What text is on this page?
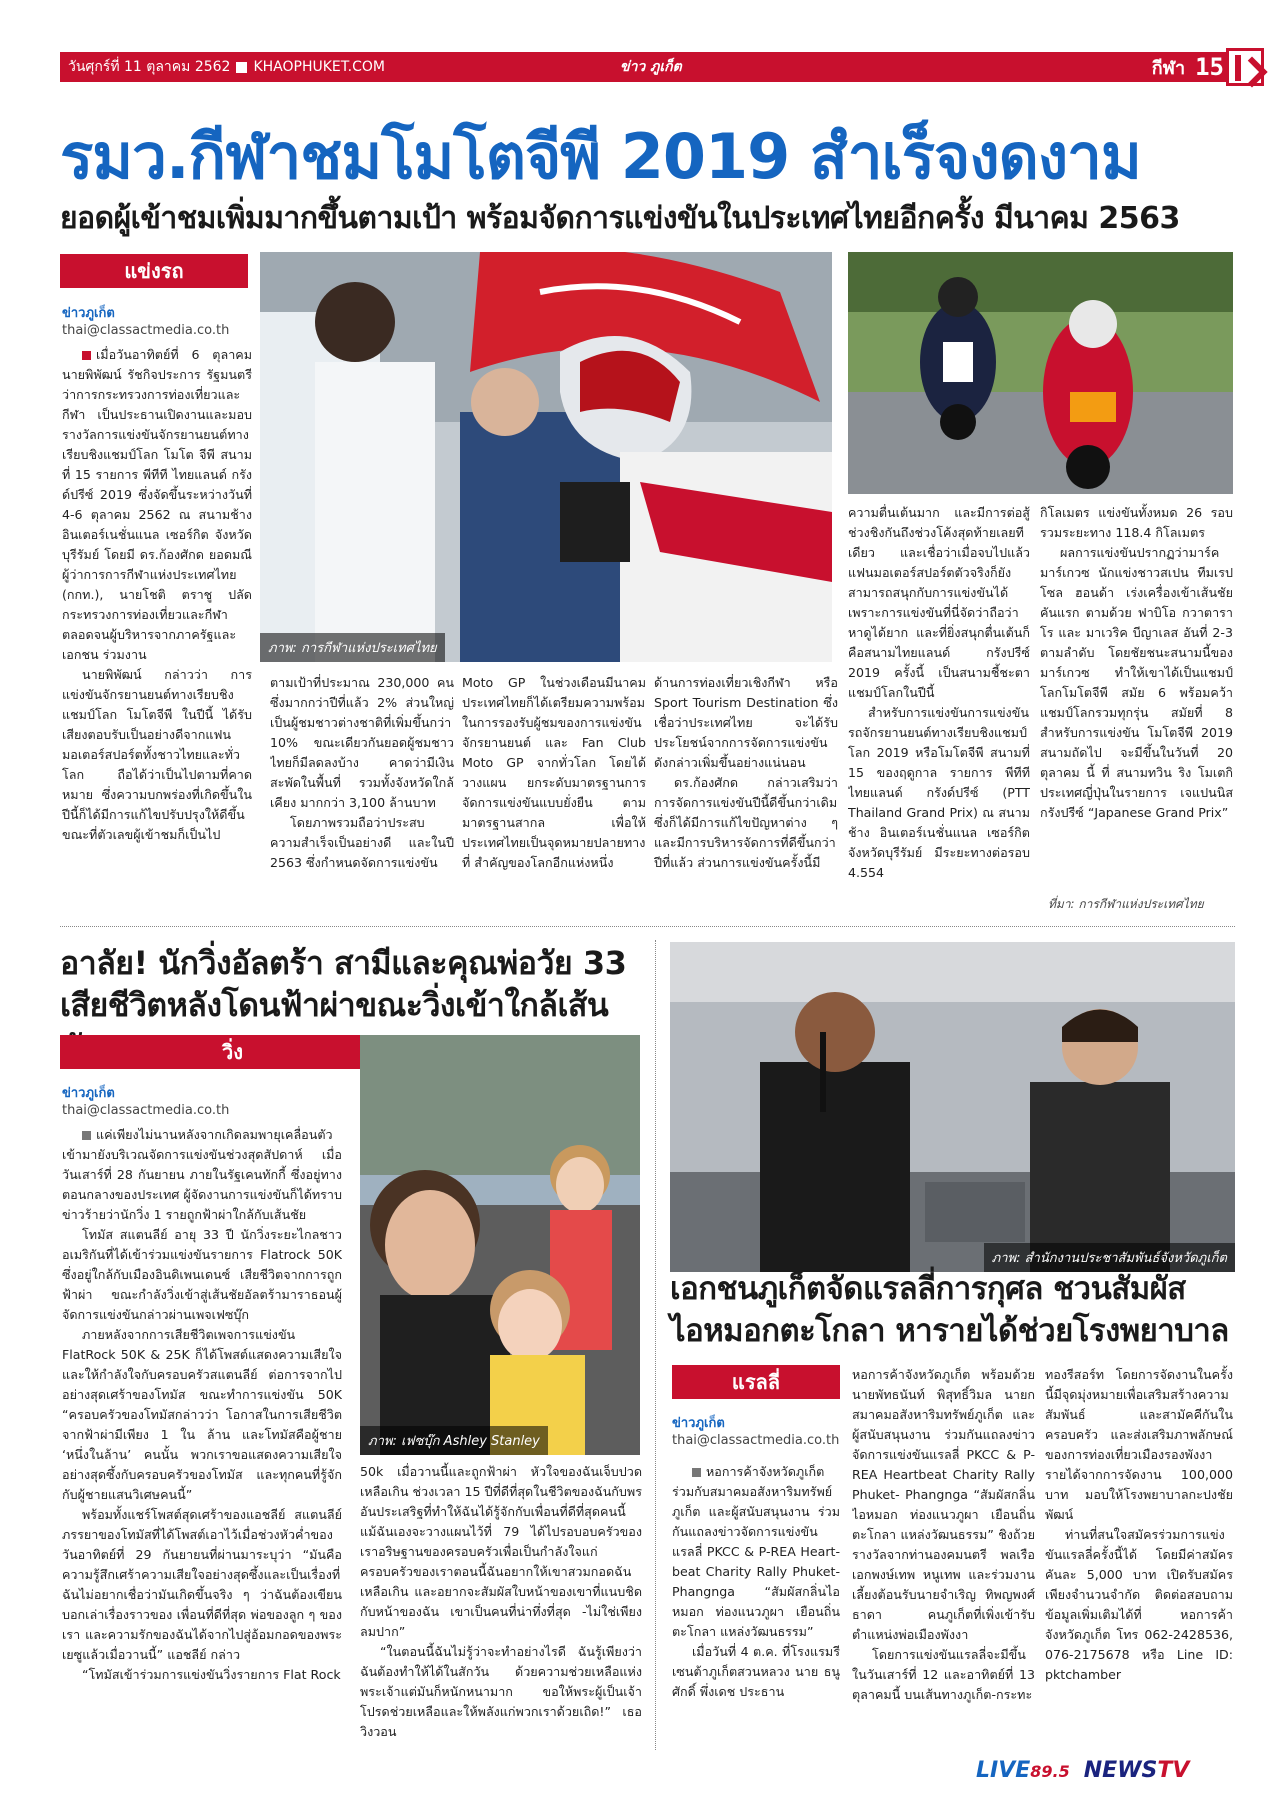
วันศุกร์ที่ 11 ตุลาคม 2562 KHAOPHUKET.COM	ข่าว ภูเก็ต	กีฬา 15
รมว.กีฬาชมโมโตจีพี 2019 สำเร็จงดงาม
ยอดผู้เข้าชมเพิ่มมากขึ้นตามเป้า พร้อมจัดการแข่งขันในประเทศไทยอีกครั้ง มีนาคม 2563
แข่งรถ
ข่าวภูเก็ต
thai@classactmedia.co.th

เมื่อวันอาทิตย์ที่ 6 ตุลาคม นายพิพัฒน์ รัชกิจประการ รัฐมนตรีว่าการกระทรวงการท่องเที่ยวและกีฬา เป็นประธานเปิดงานและมอบรางวัลการแข่งขันจักรยานยนต์ทางเรียบชิงแชมป์โลก โมโต จีพี สนามที่ 15 รายการ พีทีที ไทยแลนด์ กรังด์ปรีซ์ 2019 ซึ่งจัดขึ้นระหว่างวันที่ 4-6 ตุลาคม 2562 ณ สนามช้าง อินเตอร์เนชั่นแนล เซอร์กิต จังหวัดบุรีรัมย์ โดยมี ดร.ก้องศักด ยอดมณี ผู้ว่าการการกีฬาแห่งประเทศไทย (กกท.), นายโชติ ตราชู ปลัดกระทรวงการท่องเที่ยวและกีฬา ตลอดจนผู้บริหารจากภาครัฐและเอกชน ร่วมงาน

นายพิพัฒน์ กล่าวว่า การแข่งขันจักรยานยนต์ทางเรียบชิงแชมป์โลก โมโตจีพี ในปีนี้ ได้รับเสียงตอบรับเป็นอย่างดีจากแฟนมอเตอร์สปอร์ตทั้งชาวไทยและทั่วโลก ถือได้ว่าเป็นไปตามที่คาดหมาย ซึ่งความบกพร่องที่เกิดขึ้นในปีนี้ก็ได้มีการแก้ไขปรับปรุงให้ดีขึ้น ขณะที่ตัวเลขผู้เข้าชมก็เป็นไป

ภาพ: การกีฬาแห่งประเทศไทย

ตามเป้าที่ประมาณ 230,000 คน ซึ่งมากกว่าปีที่แล้ว 2% ส่วนใหญ่เป็นผู้ชมชาวต่างชาติที่เพิ่มขึ้นกว่า 10% ขณะเดียวกันยอดผู้ชมชาวไทยก็มีลดลงบ้าง คาดว่ามีเงินสะพัดในพื้นที่ รวมทั้งจังหวัดใกล้เคียง มากกว่า 3,100 ล้านบาท

โดยภาพรวมถือว่าประสบความสำเร็จเป็นอย่างดี และในปี 2563 ซึ่งกำหนดจัดการแข่งขัน

Moto GP ในช่วงเดือนมีนาคม ประเทศไทยก็ได้เตรียมความพร้อมในการรองรับผู้ชมของการแข่งขันจักรยานยนต์ และ Fan Club Moto GP จากทั่วโลก โดยได้วางแผน ยกระดับมาตรฐานการจัดการแข่งขันแบบยั่งยืน ตามมาตรฐานสากล เพื่อให้ประเทศไทยเป็นจุดหมายปลายทางที่ สำคัญของโลกอีกแห่งหนึ่ง

ด้านการท่องเที่ยวเชิงกีฬา หรือ Sport Tourism Destination ซึ่งเชื่อว่าประเทศไทย จะได้รับประโยชน์จากการจัดการแข่งขันดังกล่าวเพิ่มขึ้นอย่างแน่นอน

ดร.ก้องศักด กล่าวเสริมว่า การจัดการแข่งขันปีนี้ดีขึ้นกว่าเดิม ซึ่งก็ได้มีการแก้ไขปัญหาต่าง ๆ และมีการบริหารจัดการที่ดีขึ้นกว่าปีที่แล้ว ส่วนการแข่งขันครั้งนี้มี

ความตื่นเต้นมาก และมีการต่อสู้ช่วงชิงกันถึงช่วงโค้งสุดท้ายเลยทีเดียว และเชื่อว่าเมื่อจบไปแล้วแฟนมอเตอร์สปอร์ตตัวจริงก็ยังสามารถสนุกกับการแข่งขันได้ เพราะการแข่งขันที่นี่จัดว่าถือว่าหาดูได้ยาก และที่ยิ่งสนุกตื่นเต้นก็คือสนามไทยแลนด์ กรังปรีซ์ 2019 ครั้งนี้ เป็นสนามชี้ชะตาแชมป์โลกในปีนี้

สำหรับการแข่งขันการแข่งขันรถจักรยานยนต์ทางเรียบชิงแชมป์โลก 2019 หรือโมโตจีพี สนามที่ 15 ของฤดูกาล รายการ พีทีที ไทยแลนด์ กรังด์ปรีซ์ (PTT Thailand Grand Prix) ณ สนามช้าง อินเตอร์เนชั่นแนล เซอร์กิต จังหวัดบุรีรัมย์ มีระยะทางต่อรอบ 4.554

กิโลเมตร แข่งขันทั้งหมด 26 รอบ รวมระยะทาง 118.4 กิโลเมตร

ผลการแข่งขันปรากฏว่ามาร์ค มาร์เกวซ นักแข่งชาวสเปน ทีมเรปโซล ฮอนด้า เร่งเครื่องเข้าเส้นชัยคันแรก ตามด้วย ฟาบิโอ กวาตาราโร และ มาเวริค บีญาเลส อันที่ 2-3 ตามลำดับ โดยชัยชนะสนามนี้ของ มาร์เกวซ ทำให้เขาได้เป็นแชมป์โลกโมโตจีพี สมัย 6 พร้อมคว้าแชมป์โลกรวมทุกรุ่น สมัยที่ 8 สำหรับการแข่งขัน โมโตจีพี 2019 สนามถัดไป จะมีขึ้นในวันที่ 20 ตุลาคม นี้ ที่ สนามทวิน ริง โมเตกิ ประเทศญี่ปุ่นในรายการ เจแปนนิส กรังปรีซ์ “Japanese Grand Prix”

ที่มา: การกีฬาแห่งประเทศไทย
อาลัย! นักวิ่งอัลตร้า สามีและคุณพ่อวัย 33
เสียชีวิตหลังโดนฟ้าผ่าขณะวิ่งเข้าใกล้เส้น
วิ่ง
ข่าวภูเก็ต
thai@classactmedia.co.th

แค่เพียงไม่นานหลังจากเกิดลมพายุเคลื่อนตัวเข้ามายังบริเวณจัดการแข่งขันช่วงสุดสัปดาห์ เมื่อวันเสาร์ที่ 28 กันยายน ภายในรัฐเคนทักกี้ ซึ่งอยู่ทางตอนกลางของประเทศ ผู้จัดงานการแข่งขันก็ได้ทราบข่าวร้ายว่านักวิ่ง 1 รายถูกฟ้าผ่าใกล้กับเส้นชัย

โทมัส สแตนลีย์ อายุ 33 ปี นักวิ่งระยะไกลชาวอเมริกันที่ได้เข้าร่วมแข่งขันรายการ Flatrock 50K ซึ่งอยู่ใกล้กับเมืองอินดิเพนเดนซ์ เสียชีวิตจากการถูกฟ้าผ่า ขณะกำลังวิ่งเข้าสู่เส้นชัยอัลตร้ามาราธอนผู้จัดการแข่งขันกล่าวผ่านเพจเฟซบุ๊ก

ภายหลังจากการเสียชีวิตเพจการแข่งขัน FlatRock 50K & 25K ก็ได้โพสต์แสดงความเสียใจและให้กำลังใจกับครอบครัวสแตนลีย์ ต่อการจากไปอย่างสุดเศร้าของโทมัส ขณะทำการแข่งขัน 50K “ครอบครัวของโทมัสกล่าวว่า โอกาสในการเสียชีวิตจากฟ้าผ่ามีเพียง 1 ใน ล้าน และโทมัสคือผู้ชาย ‘หนึ่งในล้าน’ คนนั้น พวกเราขอแสดงความเสียใจอย่างสุดซึ้งกับครอบครัวของโทมัส และทุกคนที่รู้จักกับผู้ชายแสนวิเศษคนนี้”

พร้อมทั้งแชร์โพสต์สุดเศร้าของแอชลีย์ สแตนลีย์ ภรรยาของโทมัสที่ได้โพสต์เอาไว้เมื่อช่วงหัวค่ำของวันอาทิตย์ที่ 29 กันยายนที่ผ่านมาระบุว่า “มันคือความรู้สึกเศร้าความเสียใจอย่างสุดซึ้งและเป็นเรื่องที่ฉันไม่อยากเชื่อว่ามันเกิดขึ้นจริง ๆ ว่าฉันต้องเขียนบอกเล่าเรื่องราวของ เพื่อนที่ดีที่สุด พ่อของลูก ๆ ของเรา และความรักของฉันได้จากไปสู่อ้อมกอดของพระเยซูแล้วเมื่อวานนี้” แอชลีย์ กล่าว

“โทมัสเข้าร่วมการแข่งขันวิ่งรายการ Flat Rock

ภาพ: เฟซบุ๊ก Ashley Stanley

50k เมื่อวานนี้และถูกฟ้าผ่า หัวใจของฉันเจ็บปวดเหลือเกิน ช่วงเวลา 15 ปีที่ดีที่สุดในชีวิตของฉันกับพรอันประเสริฐที่ทำให้ฉันได้รู้จักกับเพื่อนที่ดีที่สุดคนนี้ แม้ฉันเองจะวางแผนไว้ที่ 79 ได้ไปรอบอบครัวของเราอริษฐานของครอบครัวเพื่อเป็นกำลังใจแก่ครอบครัวของเราตอนนี้ฉันอยากให้เขาสวมกอดฉันเหลือเกิน และอยากจะสัมผัสใบหน้าของเขาที่แนบชิดกับหน้าของฉัน เขาเป็นคนที่น่าทึ่งที่สุด -ไม่ใช่เพียงลมปาก”

“ในตอนนี้ฉันไม่รู้ว่าจะทำอย่างไรดี ฉันรู้เพียงว่าฉันต้องทำให้ได้ในสักวัน ด้วยความช่วยเหลือแห่งพระเจ้าแต่มันก็หนักหนามาก ขอให้พระผู้เป็นเจ้าโปรดช่วยเหลือและให้พลังแก่พวกเราด้วยเถิด!” เธอวิงวอน

ภาพ: สำนักงานประชาสัมพันธ์จังหวัดภูเก็ต
เอกชนภูเก็ตจัดแรลลี่การกุศล ชวนสัมผัส
ไอหมอกตะโกลา หารายได้ช่วยโรงพยาบาล
แรลลี่
ข่าวภูเก็ต
thai@classactmedia.co.th

หอการค้าจังหวัดภูเก็ต ร่วมกับสมาคมอสังหาริมทรัพย์ภูเก็ต และผู้สนับสนุนงาน ร่วมกันแถลงข่าวจัดการแข่งขันแรลลี่ PKCC & P-REA Heart-beat Charity Rally Phuket-Phangnga “สัมผัสกลิ่นไอหมอก ท่องแนวภูผา เยือนถิ่นตะโกลา แหล่งวัฒนธรรม”

เมื่อวันที่ 4 ต.ค. ที่โรงแรมรีเซนต้าภูเก็ตสวนหลวง นาย ธนูศักดิ์ พึ่งเดช ประธาน

หอการค้าจังหวัดภูเก็ต พร้อมด้วยนายพัทธนันท์ พิสุทธิ์วิมล นายกสมาคมอสังหาริมทรัพย์ภูเก็ต และผู้สนับสนุนงาน ร่วมกันแถลงข่าวจัดการแข่งขันแรลลี่ PKCC & P-REA Heartbeat Charity Rally Phuket- Phangnga “สัมผัสกลิ่นไอหมอก ท่องแนวภูผา เยือนถิ่นตะโกลา แหล่งวัฒนธรรม” ชิงถ้วยรางวัลจากท่านองคมนตรี พลเรือเอกพงษ์เทพ หนูเทพ และร่วมงานเลี้ยงต้อนรับนายจำเริญ ทิพญพงศ์ธาดา คนภูเก็ตที่เพิ่งเข้ารับตำแหน่งพ่อเมืองพังงา

โดยการแข่งขันแรลลี่จะมีขึ้นในวันเสาร์ที่ 12 และอาทิตย์ที่ 13 ตุลาคมนี้ บนเส้นทางภูเก็ต-กระทะ

ทองรีสอร์ท โดยการจัดงานในครั้งนี้มีจุดมุ่งหมายเพื่อเสริมสร้างความสัมพันธ์ และสามัคคีกันในครอบครัว และส่งเสริมภาพลักษณ์ของการท่องเที่ยวเมืองรองพังงา รายได้จากการจัดงาน 100,000 บาท มอบให้โรงพยาบาลกะปงชัยพัฒน์

ท่านที่สนใจสมัครร่วมการแข่งขันแรลลี่ครั้งนี้ได้ โดยมีค่าสมัครคันละ 5,000 บาท เปิดรับสมัครเพียงจำนวนจำกัด ติดต่อสอบถามข้อมูลเพิ่มเติมได้ที่ หอการค้าจังหวัดภูเก็ต โทร 062-2428536, 076-2175678 หรือ Line ID: pktchamber

LIVE89.5 NEWSTV
